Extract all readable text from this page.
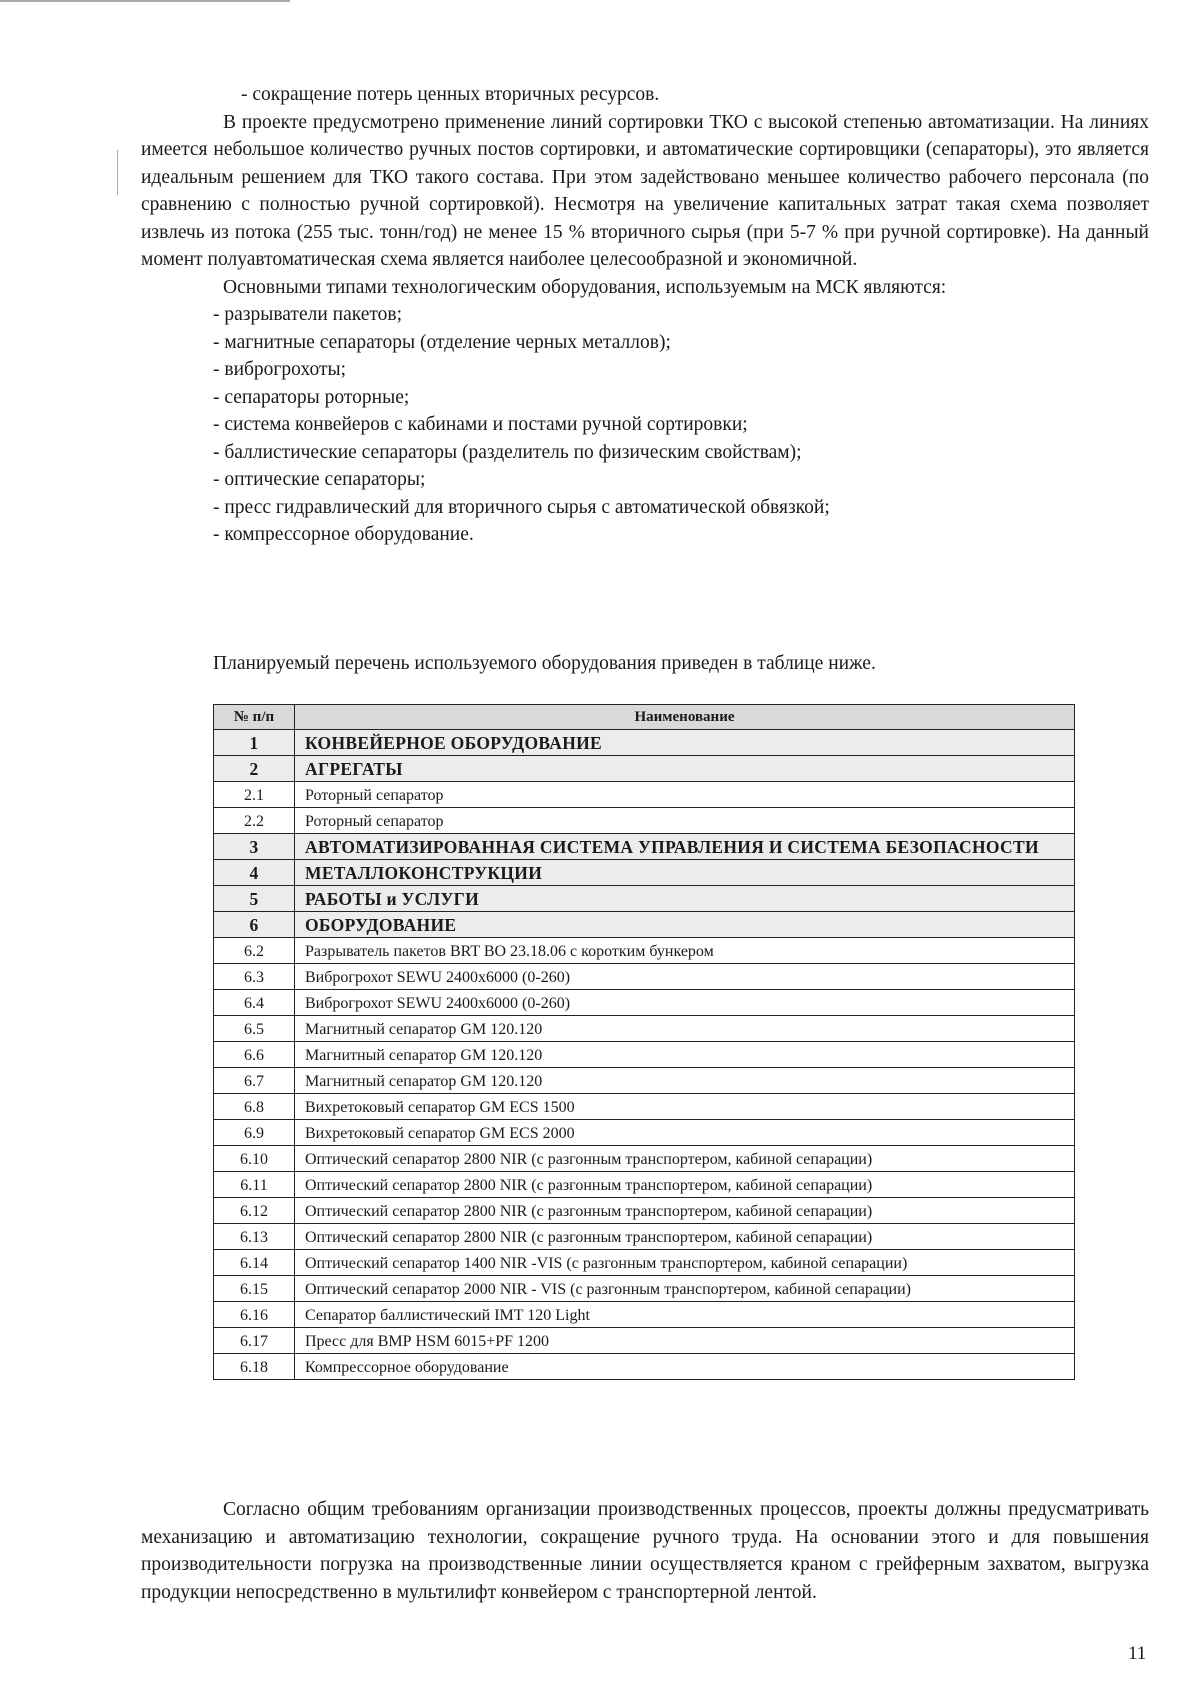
- сокращение потерь ценных вторичных ресурсов.

В проекте предусмотрено применение линий сортировки ТКО с высокой степенью автоматизации. На линиях имеется небольшое количество ручных постов сортировки, и автоматические сортировщики (сепараторы), это является идеальным решением для ТКО такого состава. При этом задействовано меньшее количество рабочего персонала (по сравнению с полностью ручной сортировкой). Несмотря на увеличение капитальных затрат такая схема позволяет извлечь из потока (255 тыс. тонн/год) не менее 15 % вторичного сырья (при 5-7 % при ручной сортировке). На данный момент полуавтоматическая схема является наиболее целесообразной и экономичной.

Основными типами технологическим оборудования, используемым на МСК являются:

- разрыватели пакетов;

- магнитные сепараторы (отделение черных металлов);

- виброгрохоты;

- сепараторы роторные;

- система конвейеров с кабинами и постами ручной сортировки;

- баллистические сепараторы (разделитель по физическим свойствам);

- оптические сепараторы;

- пресс гидравлический для вторичного сырья с автоматической обвязкой;

- компрессорное оборудование.

Планируемый перечень используемого оборудования приведен в таблице ниже.
№ п/п	Наименование
1	КОНВЕЙЕРНОЕ ОБОРУДОВАНИЕ
2	АГРЕГАТЫ
2.1	Роторный сепаратор
2.2	Роторный сепаратор
3	АВТОМАТИЗИРОВАННАЯ СИСТЕМА УПРАВЛЕНИЯ И СИСТЕМА БЕЗОПАСНОСТИ
4	МЕТАЛЛОКОНСТРУКЦИИ
5	РАБОТЫ и УСЛУГИ
6	ОБОРУДОВАНИЕ
6.2	Разрыватель пакетов BRT BO 23.18.06 с коротким бункером
6.3	Виброгрохот SEWU 2400x6000 (0-260)
6.4	Виброгрохот SEWU 2400x6000 (0-260)
6.5	Магнитный сепаратор GM 120.120
6.6	Магнитный сепаратор GM 120.120
6.7	Магнитный сепаратор GM 120.120
6.8	Вихретоковый сепаратор GM ECS 1500
6.9	Вихретоковый сепаратор GM ECS 2000
6.10	Оптический сепаратор 2800 NIR (с разгонным транспортером, кабиной сепарации)
6.11	Оптический сепаратор 2800 NIR (с разгонным транспортером, кабиной сепарации)
6.12	Оптический сепаратор 2800 NIR (с разгонным транспортером, кабиной сепарации)
6.13	Оптический сепаратор 2800 NIR (с разгонным транспортером, кабиной сепарации)
6.14	Оптический сепаратор 1400 NIR -VIS (с разгонным транспортером, кабиной сепарации)
6.15	Оптический сепаратор 2000 NIR - VIS (с разгонным транспортером, кабиной сепарации)
6.16	Сепаратор баллистический IMT 120 Light
6.17	Пресс для ВМР HSM 6015+PF 1200
6.18	Компрессорное оборудование

Согласно общим требованиям организации производственных процессов, проекты должны предусматривать механизацию и автоматизацию технологии, сокращение ручного труда. На основании этого и для повышения производительности погрузка на производственные линии осуществляется краном с грейферным захватом, выгрузка продукции непосредственно в мультилифт конвейером с транспортерной лентой.

11
